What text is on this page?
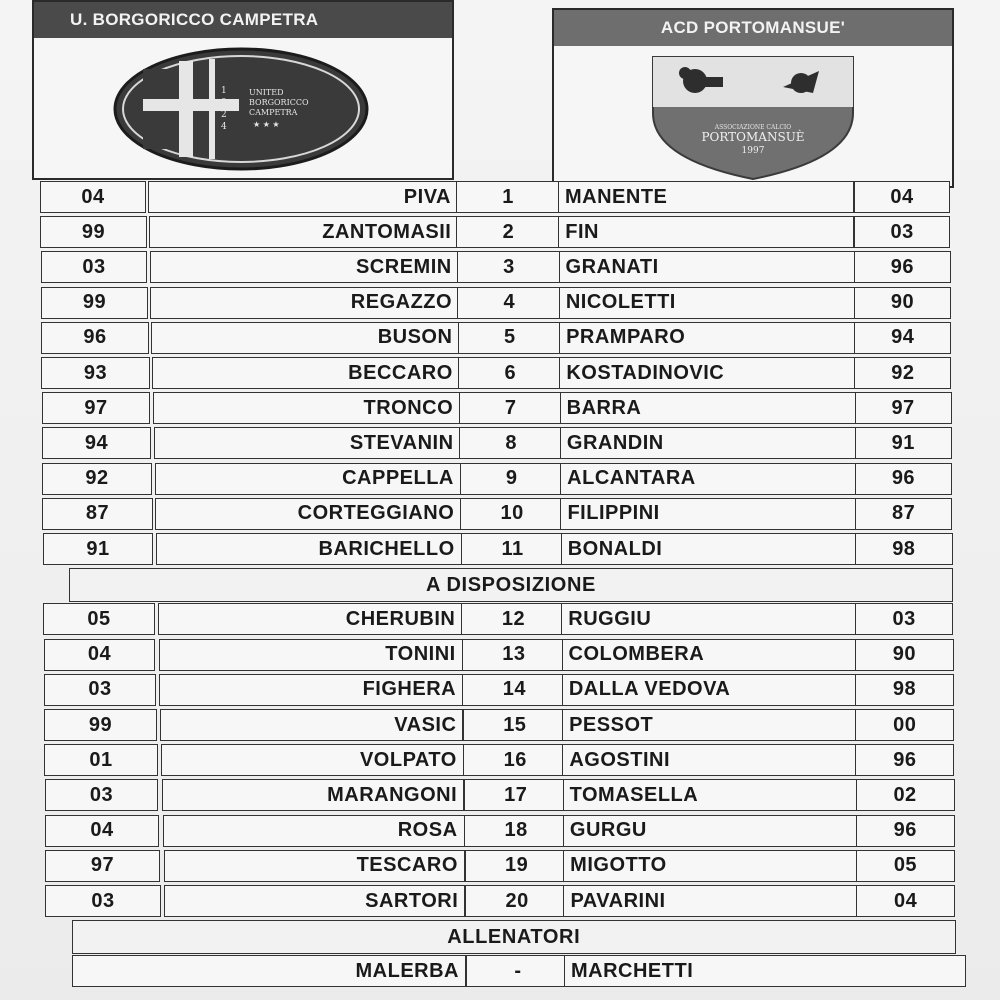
U. BORGORICCO CAMPETRA
1
9
2
4
UNITED
BORGORICCO
CAMPETRA
★ ★ ★
ACD PORTOMANSUE'
ASSOCIAZIONE CALCIO
PORTOMANSUÈ
1997
04	PIVA	1	MANENTE	04
99	ZANTOMASII	2	FIN	03
03	SCREMIN	3	GRANATI	96
99	REGAZZO	4	NICOLETTI	90
96	BUSON	5	PRAMPARO	94
93	BECCARO	6	KOSTADINOVIC	92
97	TRONCO	7	BARRA	97
94	STEVANIN	8	GRANDIN	91
92	CAPPELLA	9	ALCANTARA	96
87	CORTEGGIANO	10	FILIPPINI	87
91	BARICHELLO	11	BONALDI	98
A DISPOSIZIONE
05	CHERUBIN	12	RUGGIU	03
04	TONINI	13	COLOMBERA	90
03	FIGHERA	14	DALLA VEDOVA	98
99	VASIC	15	PESSOT	00
01	VOLPATO	16	AGOSTINI	96
03	MARANGONI	17	TOMASELLA	02
04	ROSA	18	GURGU	96
97	TESCARO	19	MIGOTTO	05
03	SARTORI	20	PAVARINI	04
ALLENATORI
MALERBA	-	MARCHETTI
